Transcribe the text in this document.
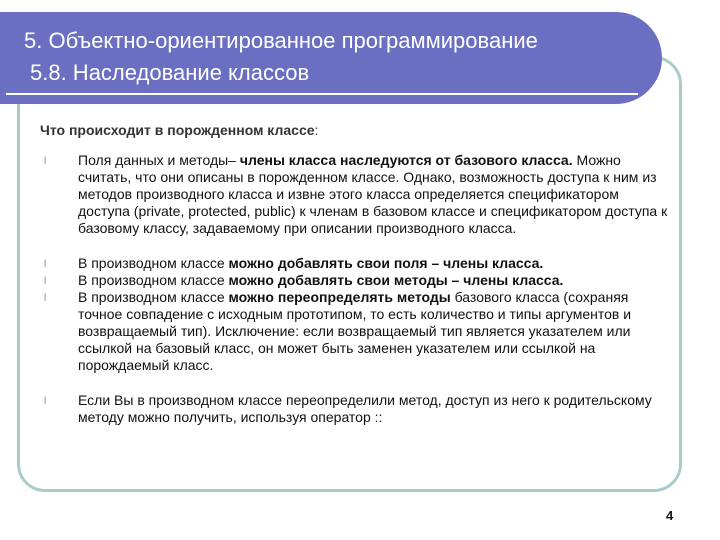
5. Объектно-ориентированное программирование
5.8. Наследование классов

Что происходит в порожденном классе:

l Поля данных и методы– члены класса наследуются от базового класса. Можно считать, что они описаны в порожденном классе. Однако, возможность доступа к ним из методов производного класса и извне этого класса определяется спецификатором доступа (private, protected, public) к членам в базовом классе и спецификатором доступа к базовому классу, задаваемому при описании производного класса.

l В производном классе можно добавлять свои поля – члены класса.

l В производном классе можно добавлять свои методы – члены класса.

l В производном классе можно переопределять методы базового класса (сохраняя точное совпадение с исходным прототипом, то есть количество и типы аргументов и возвращаемый тип). Исключение: если возвращаемый тип является указателем или ссылкой на базовый класс, он может быть заменен указателем или ссылкой на порождаемый класс.

l Если Вы в производном классе переопределили метод, доступ из него к родительскому методу можно получить, используя оператор ::

4
